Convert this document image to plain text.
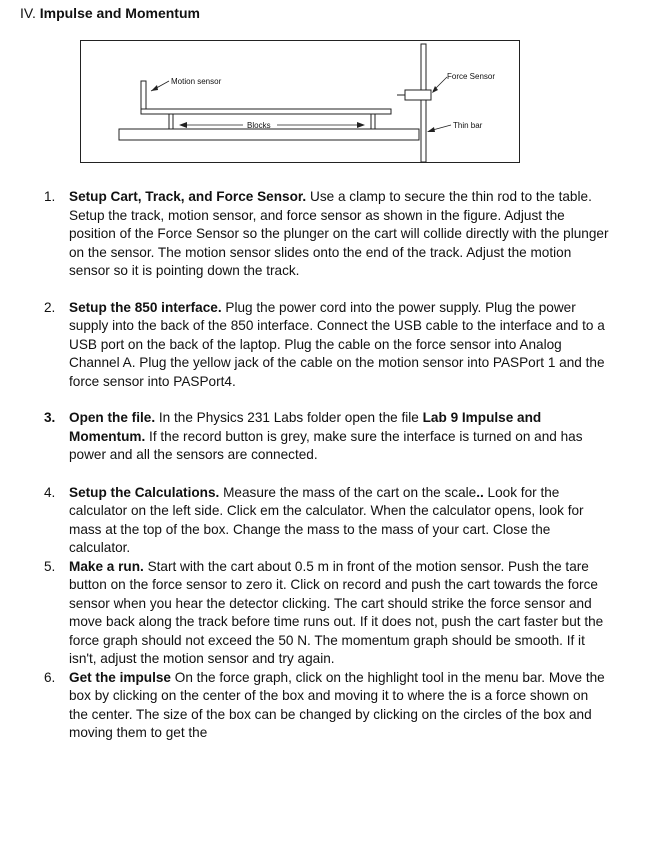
IV. Impulse and Momentum
Motion sensor
Force Sensor
Blocks	Thin bar
1. Setup Cart, Track, and Force Sensor. Use a clamp to secure the thin rod to the table. Setup the track, motion sensor, and force sensor as shown in the figure. Adjust the position of the Force Sensor so the plunger on the cart will collide directly with the plunger on the sensor. The motion sensor slides onto the end of the track. Adjust the motion sensor so it is pointing down the track.
2. Setup the 850 interface. Plug the power cord into the power supply. Plug the power supply into the back of the 850 interface. Connect the USB cable to the interface and to a USB port on the back of the laptop. Plug the cable on the force sensor into Analog Channel A. Plug the yellow jack of the cable on the motion sensor into PASPort 1 and the force sensor into PASPort4.
3. Open the file. In the Physics 231 Labs folder open the file Lab 9 Impulse and Momentum. If the record button is grey, make sure the interface is turned on and has power and all the sensors are connected.
4. Setup the Calculations. Measure the mass of the cart on the scale.. Look for the calculator on the left side. Click em the calculator. When the calculator opens, look for mass at the top of the box. Change the mass to the mass of your cart. Close the calculator.
5. Make a run. Start with the cart about 0.5 m in front of the motion sensor. Push the tare button on the force sensor to zero it. Click on record and push the cart towards the force sensor when you hear the detector clicking. The cart should strike the force sensor and move back along the track before time runs out. If it does not, push the cart faster but the force graph should not exceed the 50 N. The momentum graph should be smooth. If it isn't, adjust the motion sensor and try again.
6. Get the impulse On the force graph, click on the highlight tool in the menu bar. Move the box by clicking on the center of the box and moving it to where the is a force shown on the center. The size of the box can be changed by clicking on the circles of the box and moving them to get the
